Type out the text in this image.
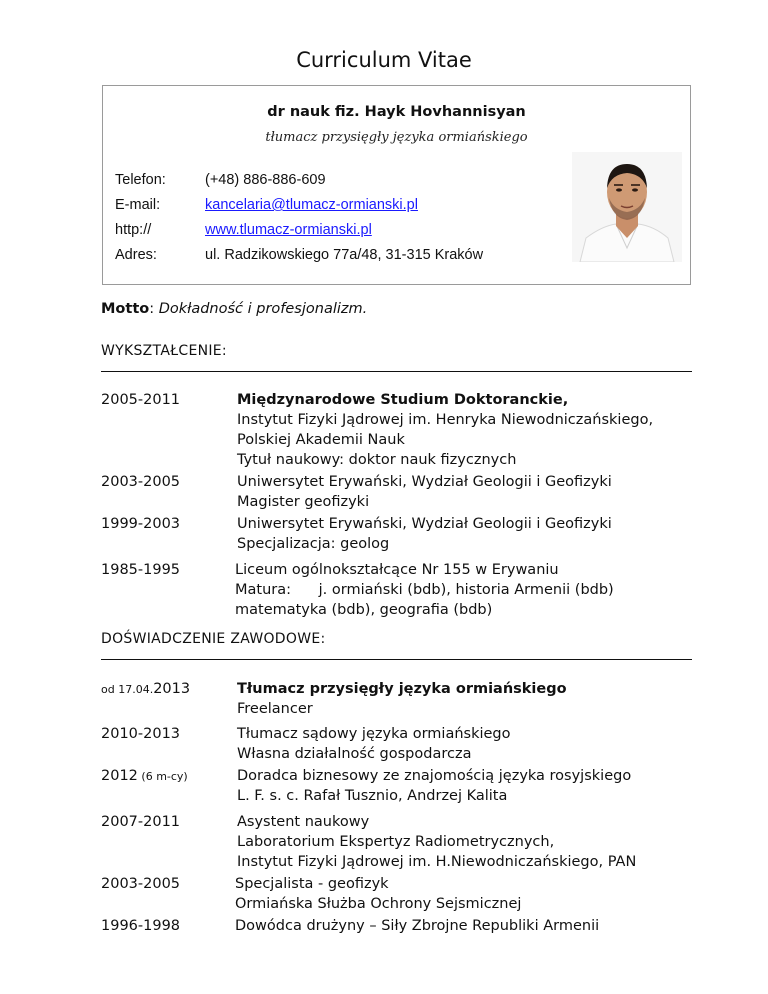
Curriculum Vitae
dr nauk fiz. Hayk Hovhannisyan
tłumacz przysięgły języka ormiańskiego
Telefon:	(+48) 886-886-609
E-mail:	kancelaria@tlumacz-ormianski.pl
http://	www.tlumacz-ormianski.pl
Adres:	ul. Radzikowskiego 77a/48, 31-315 Kraków
Motto: Dokładność i profesjonalizm.
WYKSZTAŁCENIE:
2005-2011	Międzynarodowe Studium Doktoranckie,
Instytut Fizyki Jądrowej im. Henryka Niewodniczańskiego,
Polskiej Akademii Nauk
Tytuł naukowy: doktor nauk fizycznych
2003-2005	Uniwersytet Erywański, Wydział Geologii i Geofizyki
Magister geofizyki
1999-2003	Uniwersytet Erywański, Wydział Geologii i Geofizyki
Specjalizacja: geolog
1985-1995	Liceum ogólnokształcące Nr 155 w Erywaniu
Matura:      j. ormiański (bdb), historia Armenii (bdb)
matematyka (bdb), geografia (bdb)
DOŚWIADCZENIE ZAWODOWE:
od 17.04.2013	Tłumacz przysięgły języka ormiańskiego
Freelancer
2010-2013	Tłumacz sądowy języka ormiańskiego
Własna działalność gospodarcza
2012 (6 m-cy)	Doradca biznesowy ze znajomością języka rosyjskiego
L. F. s. c. Rafał Tusznio, Andrzej Kalita
2007-2011	Asystent naukowy
Laboratorium Ekspertyz Radiometrycznych,
Instytut Fizyki Jądrowej im. H.Niewodniczańskiego, PAN
2003-2005	Specjalista - geofizyk
Ormiańska Służba Ochrony Sejsmicznej
1996-1998	Dowódca drużyny – Siły Zbrojne Republiki Armenii
